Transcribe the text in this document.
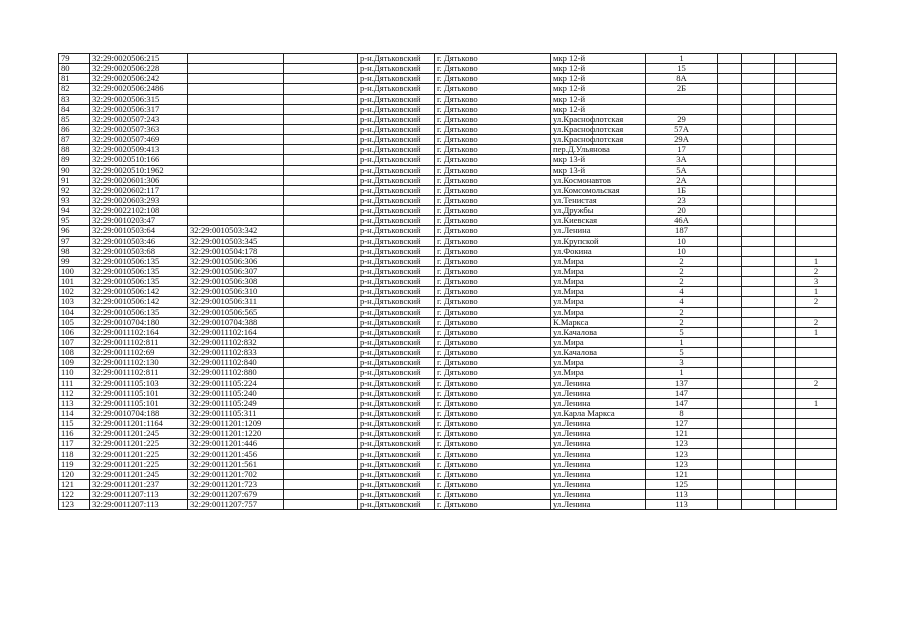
79	32:29:0020506:215			р-н.Дятьковский	г. Дятьково	мкр 12-й	1				
80	32:29:0020506:228			р-н.Дятьковский	г. Дятьково	мкр 12-й	15				
81	32:29:0020506:242			р-н.Дятьковский	г. Дятьково	мкр 12-й	8А				
82	32:29:0020506:2486			р-н.Дятьковский	г. Дятьково	мкр 12-й	2Б				
83	32:29:0020506:315			р-н.Дятьковский	г. Дятьково	мкр 12-й					
84	32:29:0020506:317			р-н.Дятьковский	г. Дятьково	мкр 12-й					
85	32:29:0020507:243			р-н.Дятьковский	г. Дятьково	ул.Краснофлотская	29				
86	32:29:0020507:363			р-н.Дятьковский	г. Дятьково	ул.Краснофлотская	57А				
87	32:29:0020507:469			р-н.Дятьковский	г. Дятьково	ул.Краснофлотская	29А				
88	32:29:0020509:413			р-н.Дятьковский	г. Дятьково	пер.Д.Ульянова	17				
89	32:29:0020510:166			р-н.Дятьковский	г. Дятьково	мкр 13-й	3А				
90	32:29:0020510:1962			р-н.Дятьковский	г. Дятьково	мкр 13-й	5А				
91	32:29:0020601:306			р-н.Дятьковский	г. Дятьково	ул.Космонавтов	2А				
92	32:29:0020602:117			р-н.Дятьковский	г. Дятьково	ул.Комсомольская	1Б				
93	32:29:0020603:293			р-н.Дятьковский	г. Дятьково	ул.Тенистая	23				
94	32:29:0022102:108			р-н.Дятьковский	г. Дятьково	ул.Дружбы	20				
95	32:29:0010203:47			р-н.Дятьковский	г. Дятьково	ул.Киевская	46А				
96	32:29:0010503:64	32:29:0010503:342		р-н.Дятьковский	г. Дятьково	ул.Ленина	187				
97	32:29:0010503:46	32:29:0010503:345		р-н.Дятьковский	г. Дятьково	ул.Крупской	10				
98	32:29:0010503:68	32:29:0010504:178		р-н.Дятьковский	г. Дятьково	ул.Фокина	10				
99	32:29:0010506:135	32:29:0010506:306		р-н.Дятьковский	г. Дятьково	ул.Мира	2				1
100	32:29:0010506:135	32:29:0010506:307		р-н.Дятьковский	г. Дятьково	ул.Мира	2				2
101	32:29:0010506:135	32:29:0010506:308		р-н.Дятьковский	г. Дятьково	ул.Мира	2				3
102	32:29:0010506:142	32:29:0010506:310		р-н.Дятьковский	г. Дятьково	ул.Мира	4				1
103	32:29:0010506:142	32:29:0010506:311		р-н.Дятьковский	г. Дятьково	ул.Мира	4				2
104	32:29:0010506:135	32:29:0010506:565		р-н.Дятьковский	г. Дятьково	ул.Мира	2				
105	32:29:0010704:180	32:29:0010704:388		р-н.Дятьковский	г. Дятьково	К.Маркса	2				2
106	32:29:0011102:164	32:29:0011102:164		р-н.Дятьковский	г. Дятьково	ул.Качалова	5				1
107	32:29:0011102:811	32:29:0011102:832		р-н.Дятьковский	г. Дятьково	ул.Мира	1				
108	32:29:0011102:69	32:29:0011102:833		р-н.Дятьковский	г. Дятьково	ул.Качалова	5				
109	32:29:0011102:130	32:29:0011102:840		р-н.Дятьковский	г. Дятьково	ул.Мира	3				
110	32:29:0011102:811	32:29:0011102:880		р-н.Дятьковский	г. Дятьково	ул.Мира	1				
111	32:29:0011105:103	32:29:0011105:224		р-н.Дятьковский	г. Дятьково	ул.Ленина	137				2
112	32:29:0011105:101	32:29:0011105:240		р-н.Дятьковский	г. Дятьково	ул.Ленина	147				
113	32:29:0011105:101	32:29:0011105:249		р-н.Дятьковский	г. Дятьково	ул.Ленина	147				1
114	32:29:0010704:188	32:29:0011105:311		р-н.Дятьковский	г. Дятьково	ул.Карла Маркса	8				
115	32:29:0011201:1164	32:29:0011201:1209		р-н.Дятьковский	г. Дятьково	ул.Ленина	127				
116	32:29:0011201:245	32:29:0011201:1220		р-н.Дятьковский	г. Дятьково	ул.Ленина	121				
117	32:29:0011201:225	32:29:0011201:446		р-н.Дятьковский	г. Дятьково	ул.Ленина	123				
118	32:29:0011201:225	32:29:0011201:456		р-н.Дятьковский	г. Дятьково	ул.Ленина	123				
119	32:29:0011201:225	32:29:0011201:561		р-н.Дятьковский	г. Дятьково	ул.Ленина	123				
120	32:29:0011201:245	32:29:0011201:702		р-н.Дятьковский	г. Дятьково	ул.Ленина	121				
121	32:29:0011201:237	32:29:0011201:723		р-н.Дятьковский	г. Дятьково	ул.Ленина	125				
122	32:29:0011207:113	32:29:0011207:679		р-н.Дятьковский	г. Дятьково	ул.Ленина	113				
123	32:29:0011207:113	32:29:0011207:757		р-н.Дятьковский	г. Дятьково	ул.Ленина	113				
